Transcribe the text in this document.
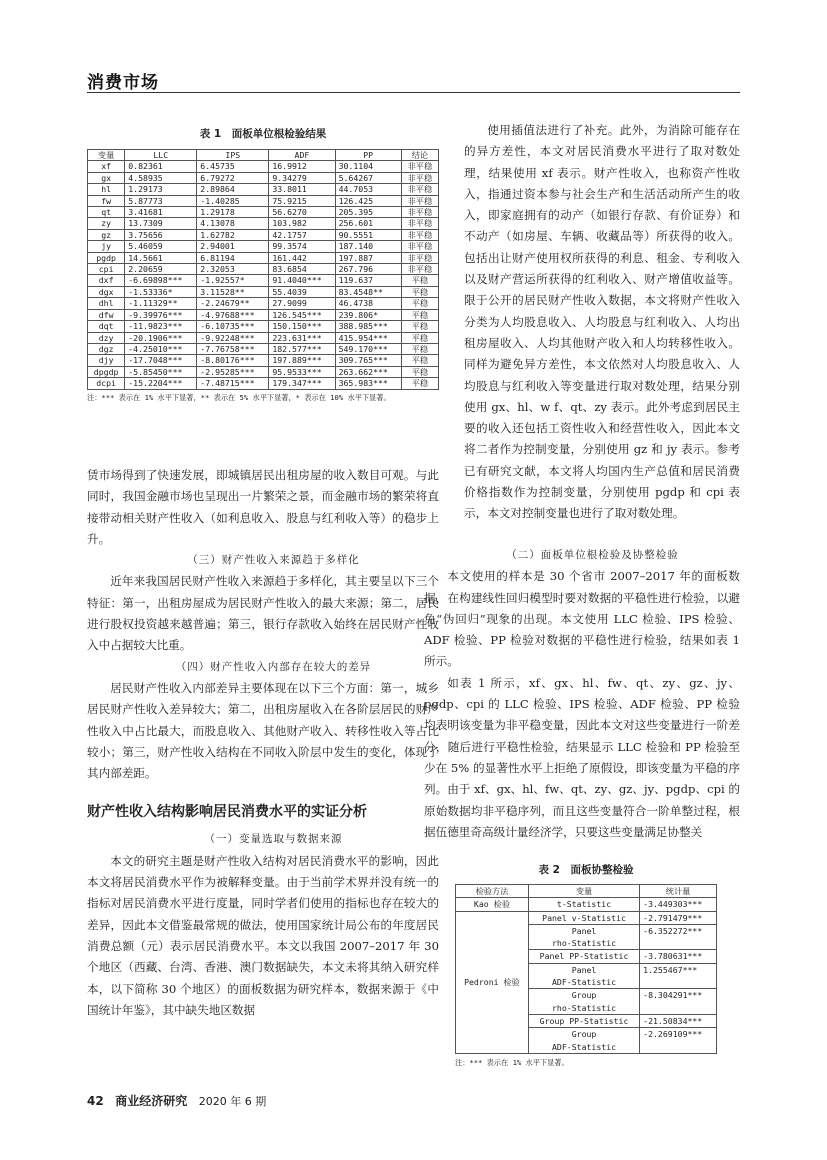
消费市场
表 1　面板单位根检验结果
变量	LLC	IPS	ADF	PP	结论
xf	0.82361	6.45735	16.9912	30.1104	非平稳
gx	4.58935	6.79272	9.34279	5.64267	非平稳
hl	1.29173	2.89864	33.8011	44.7053	非平稳
fw	5.87773	-1.40285	75.9215	126.425	非平稳
qt	3.41681	1.29178	56.6270	205.395	非平稳
zy	13.7309	4.13078	103.982	256.601	非平稳
gz	3.75656	1.62782	42.1757	90.5551	非平稳
jy	5.46059	2.94001	99.3574	187.140	非平稳
pgdp	14.5661	6.81194	161.442	197.887	非平稳
cpi	2.20659	2.32053	83.6854	267.796	非平稳
dxf	-6.69898***	-1.92557*	91.4040***	119.637	平稳
dgx	-1.53336*	3.11528**	55.4039	83.4548**	平稳
dhl	-1.11329**	-2.24679**	27.9099	46.4738	平稳
dfw	-9.39976***	-4.97688***	126.545***	239.806*	平稳
dqt	-11.9823***	-6.10735***	150.150***	388.985***	平稳
dzy	-20.1906***	-9.92248***	223.631***	415.954***	平稳
dgz	-4.25010***	-7.76758***	182.577***	549.170***	平稳
djy	-17.7048***	-8.80176***	197.889***	309.765***	平稳
dpgdp	-5.85450***	-2.95285***	95.9533***	263.662***	平稳
dcpi	-15.2204***	-7.48715***	179.347***	365.983***	平稳
注：*** 表示在 1% 水平下显著，** 表示在 5% 水平下显著，* 表示在 10% 水平下显著。

赁市场得到了快速发展，即城镇居民出租房屋的收入数目可观。与此同时，我国金融市场也呈现出一片繁荣之景，而金融市场的繁荣将直接带动相关财产性收入（如利息收入、股息与红利收入等）的稳步上升。

（三）财产性收入来源趋于多样化

近年来我国居民财产性收入来源趋于多样化，其主要呈以下三个特征：第一，出租房屋成为居民财产性收入的最大来源；第二，居民进行股权投资越来越普遍；第三，银行存款收入始终在居民财产性收入中占据较大比重。

（四）财产性收入内部存在较大的差异

居民财产性收入内部差异主要体现在以下三个方面：第一，城乡居民财产性收入差异较大；第二，出租房屋收入在各阶层居民的财产性收入中占比最大，而股息收入、其他财产收入、转移性收入等占比较小；第三，财产性收入结构在不同收入阶层中发生的变化，体现了其内部差距。

财产性收入结构影响居民消费水平的实证分析

（一）变量选取与数据来源

本文的研究主题是财产性收入结构对居民消费水平的影响，因此本文将居民消费水平作为被解释变量。由于当前学术界并没有统一的指标对居民消费水平进行度量，同时学者们使用的指标也存在较大的差异，因此本文借鉴最常规的做法，使用国家统计局公布的年度居民消费总额（元）表示居民消费水平。本文以我国 2007–2017 年 30 个地区（西藏、台湾、香港、澳门数据缺失，本文未将其纳入研究样本，以下简称 30 个地区）的面板数据为研究样本，数据来源于《中国统计年鉴》，其中缺失地区数据

使用插值法进行了补充。此外，为消除可能存在的异方差性，本文对居民消费水平进行了取对数处理，结果使用 xf 表示。财产性收入，也称资产性收入，指通过资本参与社会生产和生活活动所产生的收入，即家庭拥有的动产（如银行存款、有价证券）和不动产（如房屋、车辆、收藏品等）所获得的收入。包括出让财产使用权所获得的利息、租金、专利收入以及财产营运所获得的红利收入、财产增值收益等。限于公开的居民财产性收入数据，本文将财产性收入分类为人均股息收入、人均股息与红利收入、人均出租房屋收入、人均其他财产收入和人均转移性收入。同样为避免异方差性，本文依然对人均股息收入、人均股息与红利收入等变量进行取对数处理，结果分别使用 gx、hl、w f、qt、zy 表示。此外考虑到居民主要的收入还包括工资性收入和经营性收入，因此本文将二者作为控制变量，分别使用 gz 和 jy 表示。参考已有研究文献，本文将人均国内生产总值和居民消费价格指数作为控制变量，分别使用 pgdp 和 cpi 表示，本文对控制变量也进行了取对数处理。

（二）面板单位根检验及协整检验

本文使用的样本是 30 个省市 2007–2017 年的面板数据，在构建线性回归模型时要对数据的平稳性进行检验，以避免“伪回归”现象的出现。本文使用 LLC 检验、IPS 检验、ADF 检验、PP 检验对数据的平稳性进行检验，结果如表 1 所示。

如表 1 所示，xf、gx、hl、fw、qt、zy、gz、jy、pgdp、cpi 的 LLC 检验、IPS 检验、ADF 检验、PP 检验均表明该变量为非平稳变量，因此本文对这些变量进行一阶差分，随后进行平稳性检验，结果显示 LLC 检验和 PP 检验至少在 5% 的显著性水平上拒绝了原假设，即该变量为平稳的序列。由于 xf、gx、hl、fw、qt、zy、gz、jy、pgdp、cpi 的原始数据均非平稳序列，而且这些变量符合一阶单整过程，根据伍德里奇高级计量经济学，只要这些变量满足协整关

表 2　面板协整检验
检验方法	变量	统计量
Kao 检验	t-Statistic	-3.449303***
Pedroni 检验	Panel v-Statistic	-2.791479***

	Panel
rho-Statistic	-6.352272***

	Panel PP-Statistic	-3.780631***

	Panel
ADF-Statistic	1.255467***

	Group
rho-Statistic	-8.304291***

	Group PP-Statistic	-21.50834***

	Group
ADF-Statistic	-2.269109***
注：*** 表示在 1% 水平下显著。
42 商业经济研究 2020 年 6 期
